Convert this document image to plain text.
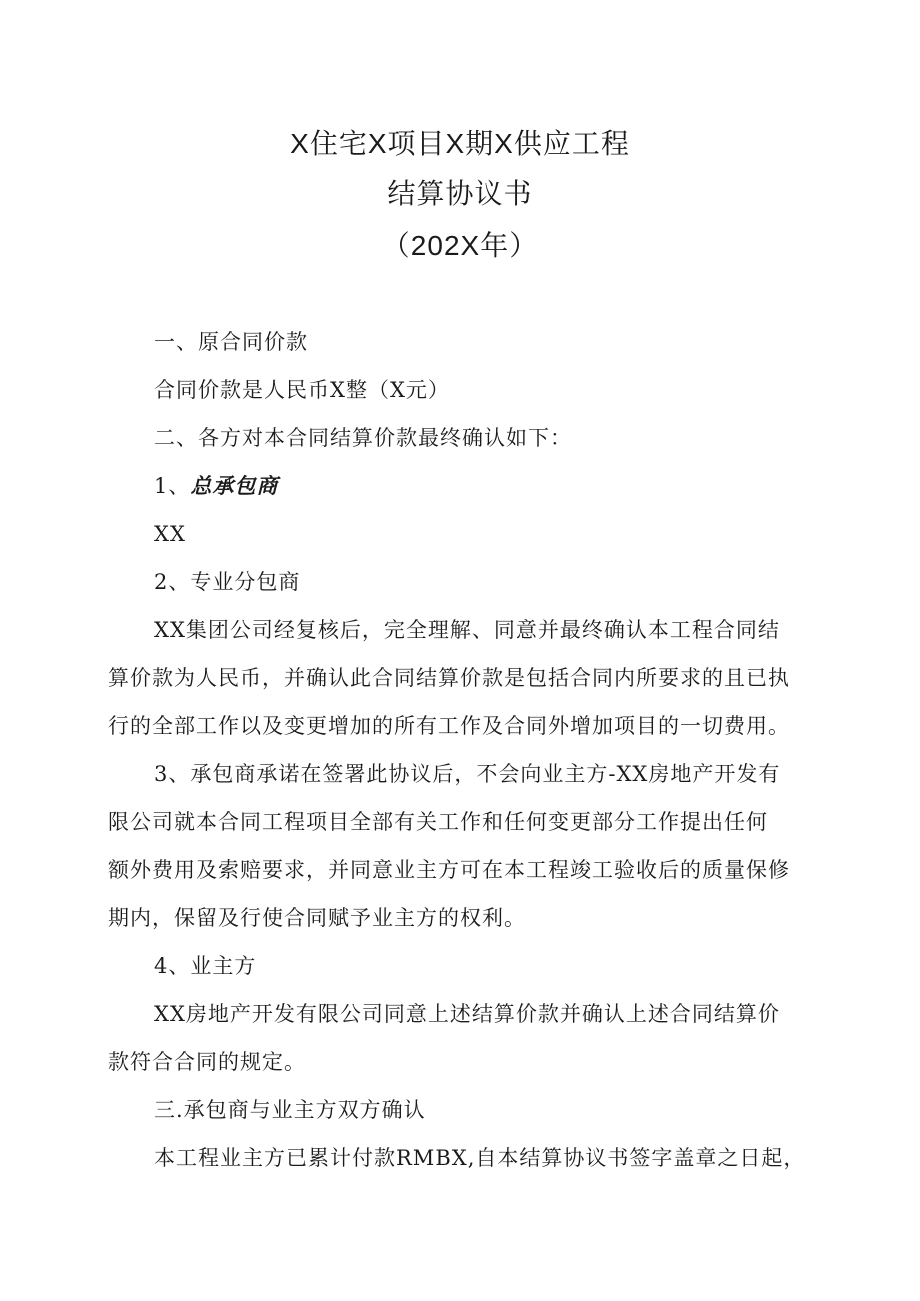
X住宅X项目X期X供应工程
结算协议书
（202X年）

一、原合同价款

合同价款是人民币X整（X元）

二、各方对本合同结算价款最终确认如下：

1、总承包商

XX

2、专业分包商

XX集团公司经复核后，完全理解、同意并最终确认本工程合同结

算价款为人民币，并确认此合同结算价款是包括合同内所要求的且已执

行的全部工作以及变更增加的所有工作及合同外增加项目的一切费用。

3、承包商承诺在签署此协议后，不会向业主方-XX房地产开发有

限公司就本合同工程项目全部有关工作和任何变更部分工作提出任何

额外费用及索赔要求，并同意业主方可在本工程竣工验收后的质量保修

期内，保留及行使合同赋予业主方的权利。

4、业主方

XX房地产开发有限公司同意上述结算价款并确认上述合同结算价

款符合合同的规定。

三.承包商与业主方双方确认

本工程业主方已累计付款RMBX,自本结算协议书签字盖章之日起，
